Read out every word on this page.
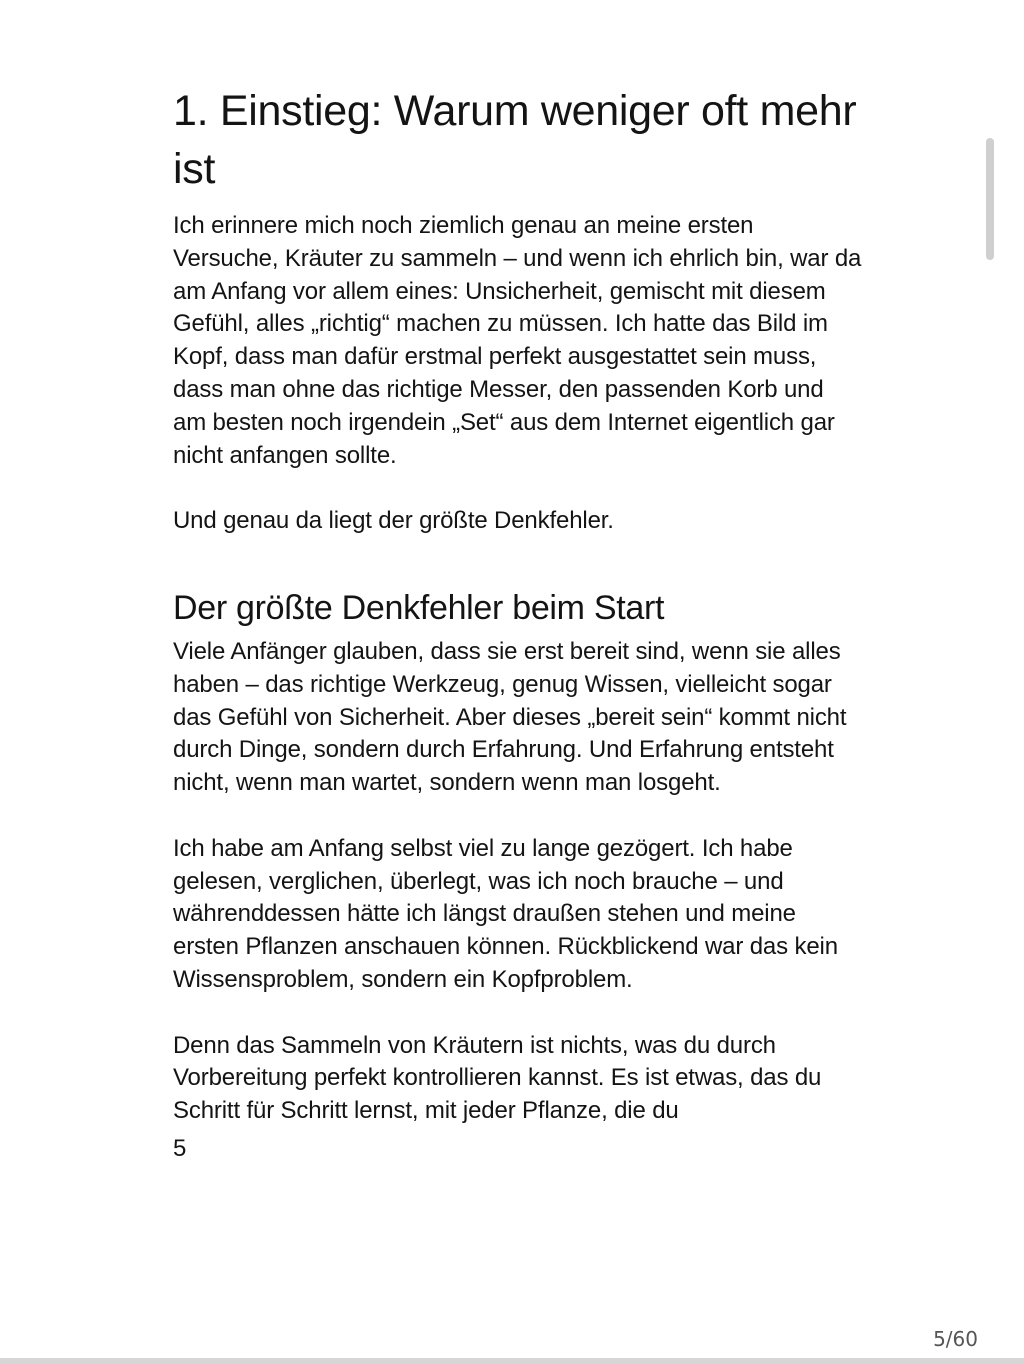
1. Einstieg: Warum weniger oft mehr ist

Ich erinnere mich noch ziemlich genau an meine ersten Versuche, Kräuter zu sammeln – und wenn ich ehrlich bin, war da am Anfang vor allem eines: Unsicherheit, gemischt mit diesem Gefühl, alles „richtig“ machen zu müssen. Ich hatte das Bild im Kopf, dass man dafür erstmal perfekt ausgestattet sein muss, dass man ohne das richtige Messer, den passenden Korb und am besten noch irgendein „Set“ aus dem Internet eigentlich gar nicht anfangen sollte.

Und genau da liegt der größte Denkfehler.

Der größte Denkfehler beim Start

Viele Anfänger glauben, dass sie erst bereit sind, wenn sie alles haben – das richtige Werkzeug, genug Wissen, vielleicht sogar das Gefühl von Sicherheit. Aber dieses „bereit sein“ kommt nicht durch Dinge, sondern durch Erfahrung. Und Erfahrung entsteht nicht, wenn man wartet, sondern wenn man losgeht.

Ich habe am Anfang selbst viel zu lange gezögert. Ich habe gelesen, verglichen, überlegt, was ich noch brauche – und währenddessen hätte ich längst draußen stehen und meine ersten Pflanzen anschauen können. Rückblickend war das kein Wissensproblem, sondern ein Kopfproblem.

Denn das Sammeln von Kräutern ist nichts, was du durch Vorbereitung perfekt kontrollieren kannst. Es ist etwas, das du Schritt für Schritt lernst, mit jeder Pflanze, die du

5
5/60
